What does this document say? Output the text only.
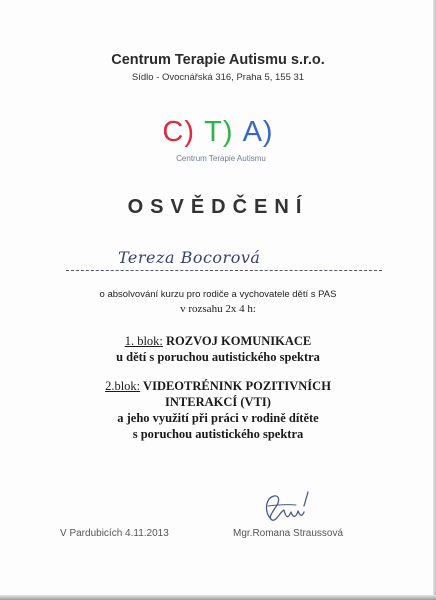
Centrum Terapie Autismu s.r.o.
Sídlo - Ovocnářská 316, Praha 5, 155 31
C) T) A)
Centrum Terapie Autismu
OSVĚDČENÍ
Tereza Bocorová
o absolvování kurzu pro rodiče a vychovatele dětí s PAS
v rozsahu 2x 4 h:
1. blok: ROZVOJ KOMUNIKACE
u dětí s poruchou autistického spektra
2.blok: VIDEOTRÉNINK POZITIVNÍCH
INTERAKCÍ (VTI)
a jeho využití při práci v rodině dítěte
s poruchou autistického spektra
V Pardubicích 4.11.2013	Mgr.Romana Straussová
